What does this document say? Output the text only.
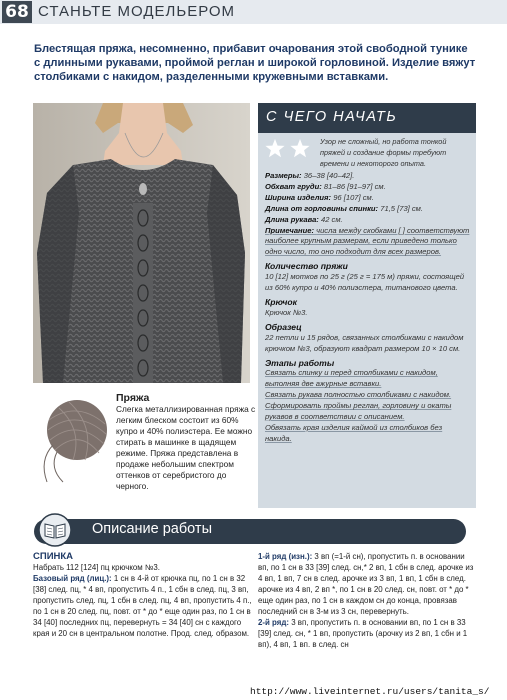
68 СТАНЬТЕ МОДЕЛЬЕРОМ

Блестящая пряжа, несомненно, прибавит очарования этой свободной тунике с длинными рукавами, проймой реглан и широкой горловиной. Изделие вяжут столбиками с накидом, разделенными кружевными вставками.

С ЧЕГО НАЧАТЬ
Узор не сложный, но работа тонкой пряжей и создание формы требуют времени и некоторого опыта.
Размеры: 36–38 [40–42].
Обхват груди: 81–86 [91–97] см.
Ширина изделия: 96 [107] см.
Длина от горловины спинки: 71,5 [73] см.
Длина рукава: 42 см.
Примечание: числа между скобками [ ] соответствуют наиболее крупным размерам, если приведено только одно число, то оно подходит для всех размеров.
Количество пряжи
10 [12] мотков по 25 г (25 г = 175 м) пряжи, состоящей из 60% купро и 40% полиэстера, титанового цвета.
Крючок
Крючок №3.
Образец
22 петли и 15 рядов, связанных столбиками с накидом крючком №3, образуют квадрат размером 10 × 10 см.
Этапы работы
Связать спинку и перед столбиками с накидом, выполняя две ажурные вставки.
Связать рукава полностью столбиками с накидом.
Сформировать проймы реглан, горловину и окаты рукавов в соответствии с описанием.
Обвязать края изделия каймой из столбиков без накида.
Пряжа
Слегка металлизированная пряжа с легким блеском состоит из 60% купро и 40% полиэстера. Ее можно стирать в машинке в щадящем режиме. Пряжа представлена в продаже небольшим спектром оттенков от серебристого до черного.
Описание работы
СПИНКА
Набрать 112 [124] пц крючком №3.
Базовый ряд (лиц.): 1 сн в 4-й от крючка пц, по 1 сн в 32 [38] след. пц, * 4 вп, пропустить 4 п., 1 сбн в след. пц, 3 вп, пропустить след. пц, 1 сбн в след. пц, 4 вп, пропустить 4 п., по 1 сн в 20 след. пц, повт. от * до * еще один раз, по 1 сн в 34 [40] последних пц, перевернуть = 34 [40] сн с каждого края и 20 сн в центральном полотне. Прод. след. образом.
1-й ряд (изн.): 3 вп (=1-й сн), пропустить п. в основании вп, по 1 сн в 33 [39] след. сн,* 2 вп, 1 сбн в след. арочке из 4 вп, 1 вп, 7 сн в след. арочке из 3 вп, 1 вп, 1 сбн в след. арочке из 4 вп, 2 вп *, по 1 сн в 20 след. сн, повт. от * до * еще один раз, по 1 сн в каждом сн до конца, провязав последний сн в 3-м из 3 сн, перевернуть.
2-й ряд: 3 вп, пропустить п. в основании вп, по 1 сн в 33 [39] след. сн, * 1 вп, пропустить (арочку из 2 вп, 1 сбн и 1 вп), 4 вп, 1 вп. в след. сн
http://www.liveinternet.ru/users/tanita_s/
